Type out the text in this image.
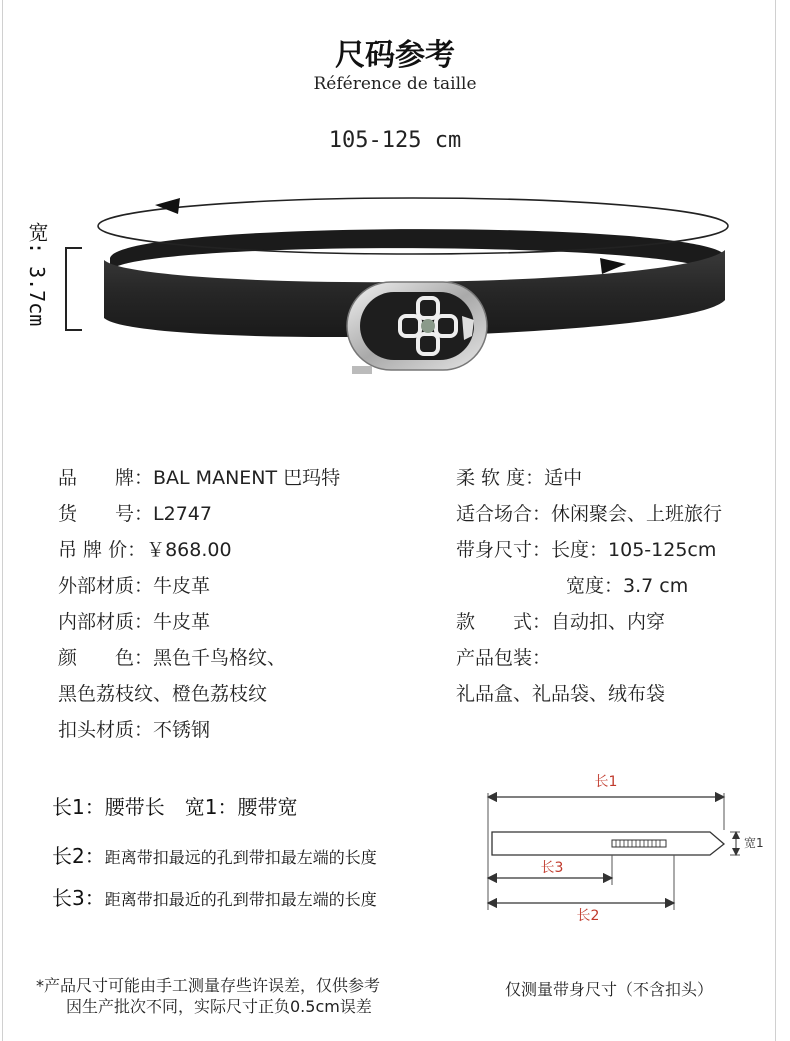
尺码参考
Référence de taille
105-125 cm
宽: 3.7cm
品　　牌：BAL MANENT 巴玛特
货　　号：L2747
吊 牌 价：￥868.00
外部材质：牛皮革
内部材质：牛皮革
颜　　色：黑色千鸟格纹、
黑色荔枝纹、橙色荔枝纹
扣头材质：不锈钢
柔 软 度：适中
适合场合：休闲聚会、上班旅行
带身尺寸：长度：105-125cm
宽度：3.7 cm
款　　式：自动扣、内穿
产品包装：
礼品盒、礼品袋、绒布袋
长1：腰带长　宽1：腰带宽
长2：距离带扣最远的孔到带扣最左端的长度
长3：距离带扣最近的孔到带扣最左端的长度
长1
宽1
长3
长2
*产品尺寸可能由手工测量存些许误差，仅供参考
因生产批次不同，实际尺寸正负0.5cm误差
仅测量带身尺寸（不含扣头）
